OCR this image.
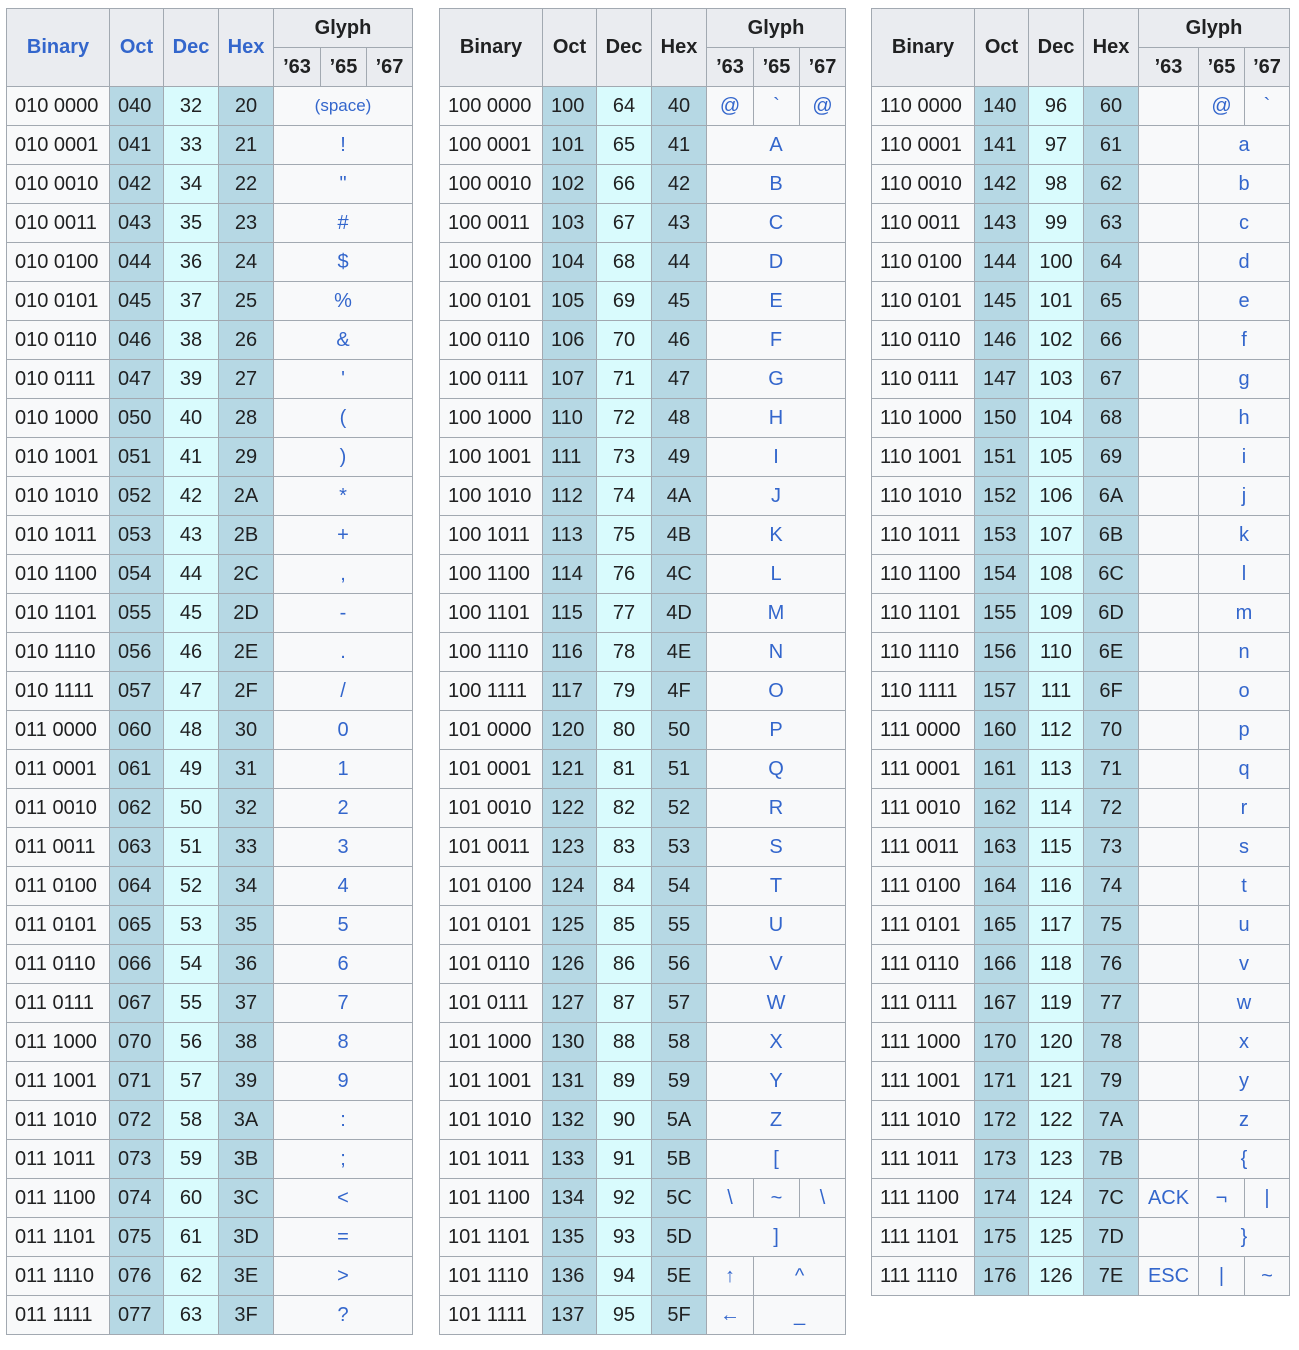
Binary	Oct	Dec	Hex	Glyph		
				’63	’65	’67
010 0000	040	32	20	(space)		
010 0001	041	33	21	!		
010 0010	042	34	22	"		
010 0011	043	35	23	#		
010 0100	044	36	24	$		
010 0101	045	37	25	%		
010 0110	046	38	26	&		
010 0111	047	39	27	'		
010 1000	050	40	28	(		
010 1001	051	41	29	)		
010 1010	052	42	2A	*		
010 1011	053	43	2B	+		
010 1100	054	44	2C	,		
010 1101	055	45	2D	-		
010 1110	056	46	2E	.		
010 1111	057	47	2F	/		
011 0000	060	48	30	0		
011 0001	061	49	31	1		
011 0010	062	50	32	2		
011 0011	063	51	33	3		
011 0100	064	52	34	4		
011 0101	065	53	35	5		
011 0110	066	54	36	6		
011 0111	067	55	37	7		
011 1000	070	56	38	8		
011 1001	071	57	39	9		
011 1010	072	58	3A	:		
011 1011	073	59	3B	;		
011 1100	074	60	3C	<		
011 1101	075	61	3D	=		
011 1110	076	62	3E	>		
011 1111	077	63	3F	?		
Binary	Oct	Dec	Hex	Glyph		
				’63	’65	’67
100 0000	100	64	40	@	`	@
100 0001	101	65	41	A		
100 0010	102	66	42	B		
100 0011	103	67	43	C		
100 0100	104	68	44	D		
100 0101	105	69	45	E		
100 0110	106	70	46	F		
100 0111	107	71	47	G		
100 1000	110	72	48	H		
100 1001	111	73	49	I		
100 1010	112	74	4A	J		
100 1011	113	75	4B	K		
100 1100	114	76	4C	L		
100 1101	115	77	4D	M		
100 1110	116	78	4E	N		
100 1111	117	79	4F	O		
101 0000	120	80	50	P		
101 0001	121	81	51	Q		
101 0010	122	82	52	R		
101 0011	123	83	53	S		
101 0100	124	84	54	T		
101 0101	125	85	55	U		
101 0110	126	86	56	V		
101 0111	127	87	57	W		
101 1000	130	88	58	X		
101 1001	131	89	59	Y		
101 1010	132	90	5A	Z		
101 1011	133	91	5B	[		
101 1100	134	92	5C	\	~	\
101 1101	135	93	5D	]		
101 1110	136	94	5E	↑	^	
101 1111	137	95	5F	←	_	
Binary	Oct	Dec	Hex	Glyph		
				’63	’65	’67
110 0000	140	96	60		@	`
110 0001	141	97	61		a	
110 0010	142	98	62		b	
110 0011	143	99	63		c	
110 0100	144	100	64		d	
110 0101	145	101	65		e	
110 0110	146	102	66		f	
110 0111	147	103	67		g	
110 1000	150	104	68		h	
110 1001	151	105	69		i	
110 1010	152	106	6A		j	
110 1011	153	107	6B		k	
110 1100	154	108	6C		l	
110 1101	155	109	6D		m	
110 1110	156	110	6E		n	
110 1111	157	111	6F		o	
111 0000	160	112	70		p	
111 0001	161	113	71		q	
111 0010	162	114	72		r	
111 0011	163	115	73		s	
111 0100	164	116	74		t	
111 0101	165	117	75		u	
111 0110	166	118	76		v	
111 0111	167	119	77		w	
111 1000	170	120	78		x	
111 1001	171	121	79		y	
111 1010	172	122	7A		z	
111 1011	173	123	7B		{	
111 1100	174	124	7C	ACK	¬	|
111 1101	175	125	7D		}	
111 1110	176	126	7E	ESC	|	~
